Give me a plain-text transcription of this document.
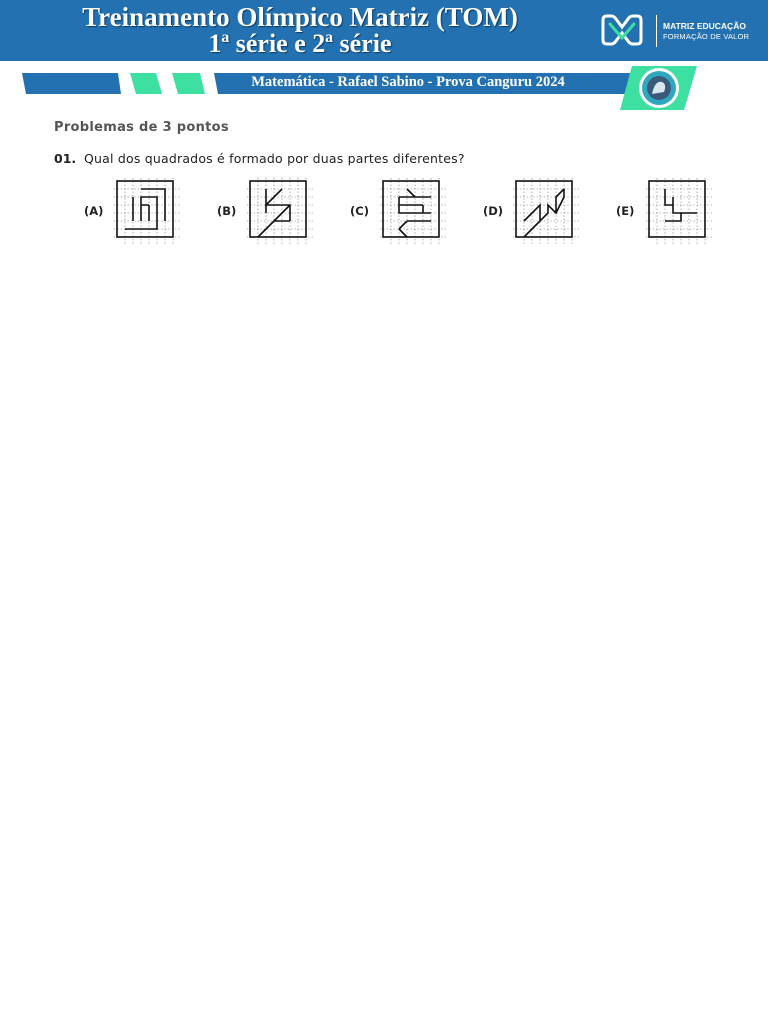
Treinamento Olímpico Matriz (TOM)
1ª série e 2ª série
MATRIZ EDUCAÇÃO
FORMAÇÃO DE VALOR
Matemática - Rafael Sabino - Prova Canguru 2024
Problemas de 3 pontos
01. Qual dos quadrados é formado por duas partes diferentes?
(A)	(B)	(C)	(D)	(E)
